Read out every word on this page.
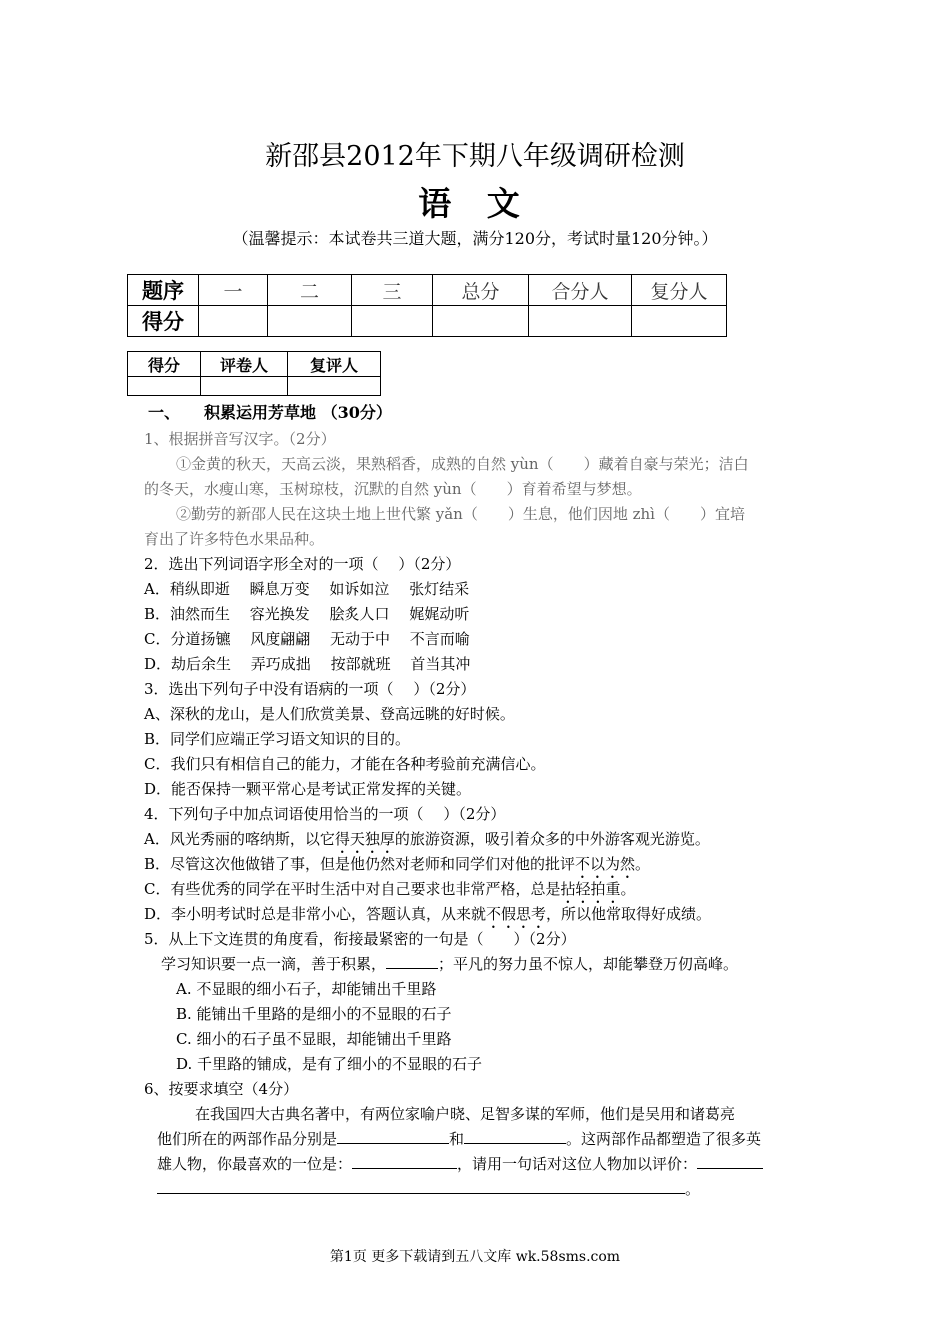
新邵县2012年下期八年级调研检测
语 文
（温馨提示：本试卷共三道大题，满分120分，考试时量120分钟。）
题序	一	二	三	总分	合分人	复分人
得分						
得分	评卷人	复评人

一、　　积累运用芳草地 （30分）
1、根据拼音写汉字。（2分）
①金黄的秋天，天高云淡，果熟稻香，成熟的自然 yùn（　　）藏着自豪与荣光；洁白
的冬天，水瘦山寒，玉树琼枝，沉默的自然 yùn（　　）育着希望与梦想。
②勤劳的新邵人民在这块土地上世代繁 yǎn（　　）生息，他们因地 zhì（　　）宜培
育出了许多特色水果品种。
2．选出下列词语字形全对的一项（　 ）（2分）
A．稍纵即逝　 瞬息万变　 如诉如泣　 张灯结采
B．油然而生　 容光换发　 脍炙人口　 娓娓动听
C．分道扬镳　 风度翩翩　 无动于中　 不言而喻
D．劫后余生　 弄巧成拙　 按部就班　 首当其冲
3．选出下列句子中没有语病的一项（　 ）（2分）
A、深秋的龙山，是人们欣赏美景、登高远眺的好时候。
B．同学们应端正学习语文知识的目的。
C．我们只有相信自己的能力，才能在各种考验前充满信心。
D．能否保持一颗平常心是考试正常发挥的关键。
4．下列句子中加点词语使用恰当的一项（　 ）（2分）
A．风光秀丽的喀纳斯，以它得天独厚的旅游资源，吸引着众多的中外游客观光游览。
B．尽管这次他做错了事，但是他仍然对老师和同学们对他的批评不以为然。
C．有些优秀的同学在平时生活中对自己要求也非常严格，总是拈轻拍重。
D．李小明考试时总是非常小心，答题认真，从来就不假思考，所以他常取得好成绩。
5．从上下文连贯的角度看，衔接最紧密的一句是（　　）（2分）
学习知识要一点一滴，善于积累，	；平凡的努力虽不惊人，却能攀登万仞高峰。
A. 不显眼的细小石子，却能铺出千里路
B. 能铺出千里路的是细小的不显眼的石子
C. 细小的石子虽不显眼，却能铺出千里路
D. 千里路的铺成，是有了细小的不显眼的石子
6、按要求填空（4分）
在我国四大古典名著中，有两位家喻户晓、足智多谋的军师，他们是吴用和诸葛亮
他们所在的两部作品分别是	和	。这两部作品都塑造了很多英
雄人物，你最喜欢的一位是：	，请用一句话对这位人物加以评价：
。
第1页 更多下载请到五八文库 wk.58sms.com
